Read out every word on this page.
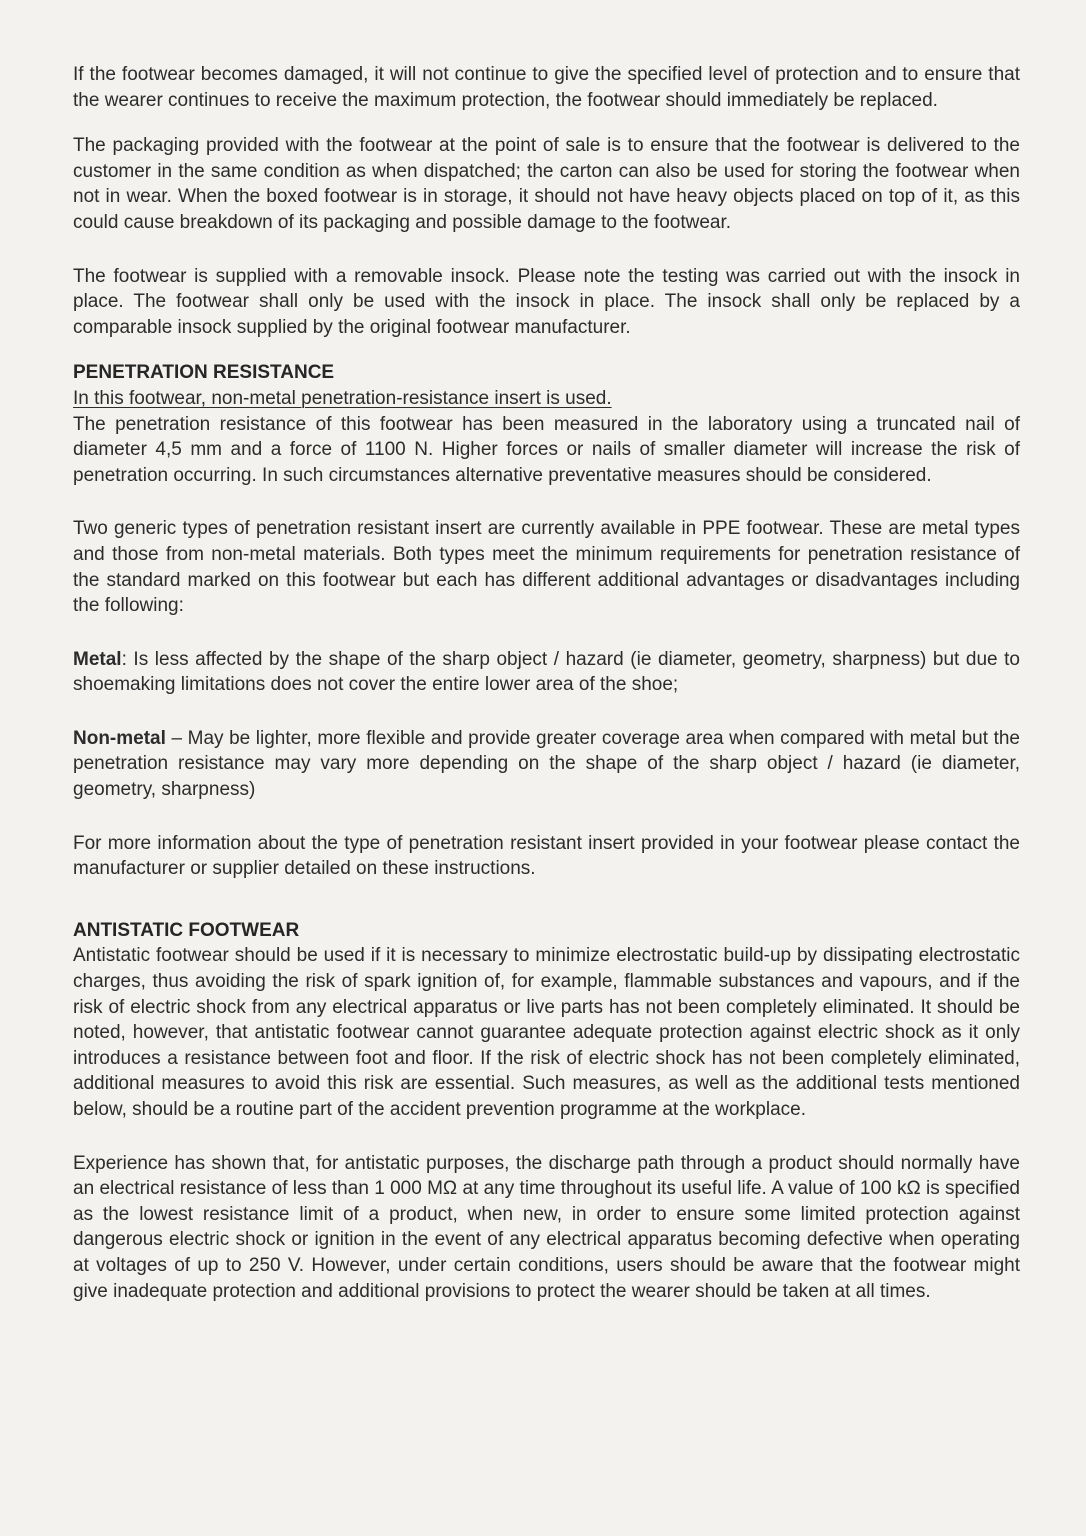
If the footwear becomes damaged, it will not continue to give the specified level of protection and to ensure that the wearer continues to receive the maximum protection, the footwear should immediately be replaced.

The packaging provided with the footwear at the point of sale is to ensure that the footwear is delivered to the customer in the same condition as when dispatched; the carton can also be used for storing the footwear when not in wear. When the boxed footwear is in storage, it should not have heavy objects placed on top of it, as this could cause breakdown of its packaging and possible damage to the footwear.

The footwear is supplied with a removable insock. Please note the testing was carried out with the insock in place. The footwear shall only be used with the insock in place. The insock shall only be replaced by a comparable insock supplied by the original footwear manufacturer.

PENETRATION RESISTANCE

In this footwear, non-metal penetration-resistance insert is used.

The penetration resistance of this footwear has been measured in the laboratory using a truncated nail of diameter 4,5 mm and a force of 1100 N. Higher forces or nails of smaller diameter will increase the risk of penetration occurring. In such circumstances alternative preventative measures should be considered.

Two generic types of penetration resistant insert are currently available in PPE footwear. These are metal types and those from non-metal materials. Both types meet the minimum requirements for penetration resistance of the standard marked on this footwear but each has different additional advantages or disadvantages including the following:

Metal: Is less affected by the shape of the sharp object / hazard (ie diameter, geometry, sharpness) but due to shoemaking limitations does not cover the entire lower area of the shoe;

Non-metal – May be lighter, more flexible and provide greater coverage area when compared with metal but the penetration resistance may vary more depending on the shape of the sharp object / hazard (ie diameter, geometry, sharpness)

For more information about the type of penetration resistant insert provided in your footwear please contact the manufacturer or supplier detailed on these instructions.

ANTISTATIC FOOTWEAR

Antistatic footwear should be used if it is necessary to minimize electrostatic build-up by dissipating electrostatic charges, thus avoiding the risk of spark ignition of, for example, flammable substances and vapours, and if the risk of electric shock from any electrical apparatus or live parts has not been completely eliminated. It should be noted, however, that antistatic footwear cannot guarantee adequate protection against electric shock as it only introduces a resistance between foot and floor. If the risk of electric shock has not been completely eliminated, additional measures to avoid this risk are essential. Such measures, as well as the additional tests mentioned below, should be a routine part of the accident prevention programme at the workplace.

Experience has shown that, for antistatic purposes, the discharge path through a product should normally have an electrical resistance of less than 1 000 MΩ at any time throughout its useful life. A value of 100 kΩ is specified as the lowest resistance limit of a product, when new, in order to ensure some limited protection against dangerous electric shock or ignition in the event of any electrical apparatus becoming defective when operating at voltages of up to 250 V. However, under certain conditions, users should be aware that the footwear might give inadequate protection and additional provisions to protect the wearer should be taken at all times.
